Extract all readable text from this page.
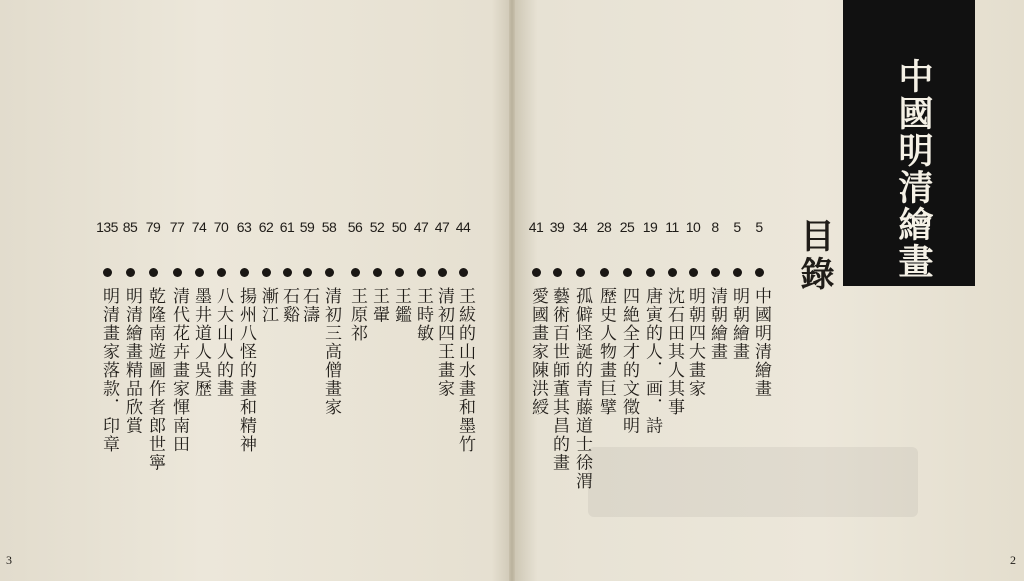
中國明清繪畫
目錄
5
中國明清繪畫
5
明朝繪畫
8
清朝繪畫
10
明朝四大畫家
11
沈石田其人其事
19
唐寅的人．画．詩
25
四絶全才的文徵明
28
歷史人物畫巨擘
34
孤僻怪誕的青藤道士徐渭
39
藝術百世師董其昌的畫
41
愛國畫家陳洪綬
44
王紱的山水畫和墨竹
47
清初四王畫家
47
王時敏
50
王鑑
52
王翬
56
王原祁
58
清初三高僧畫家
59
石濤
61
石谿
62
漸江
63
揚州八怪的畫和精神
70
八大山人的畫
74
墨井道人吳歷
77
清代花卉畫家惲南田
79
乾隆南遊圖作者郎世寧
85
明清繪畫精品欣賞
135
明清畫家落款．印章
3	2
